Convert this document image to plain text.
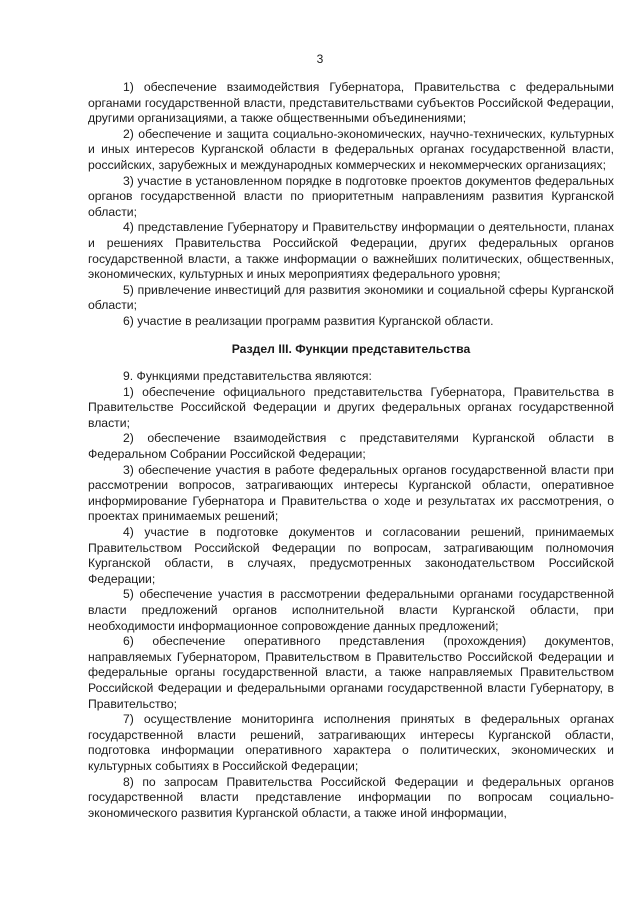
3

1) обеспечение взаимодействия Губернатора, Правительства с федеральными органами государственной власти, представительствами субъектов Российской Федерации, другими организациями, а также общественными объединениями;

2) обеспечение и защита социально-экономических, научно-технических, культурных и иных интересов Курганской области в федеральных органах государственной власти, российских, зарубежных и международных коммерческих и некоммерческих организациях;

3) участие в установленном порядке в подготовке проектов документов федеральных органов государственной власти по приоритетным направлениям развития Курганской области;

4) представление Губернатору и Правительству информации о деятельности, планах и решениях Правительства Российской Федерации, других федеральных органов государственной власти, а также информации о важнейших политических, общественных, экономических, культурных и иных мероприятиях федерального уровня;

5) привлечение инвестиций для развития экономики и социальной сферы Курганской области;

6) участие в реализации программ развития Курганской области.

Раздел III. Функции представительства

9. Функциями представительства являются:

1) обеспечение официального представительства Губернатора, Правительства в Правительстве Российской Федерации и других федеральных органах государственной власти;

2) обеспечение взаимодействия с представителями Курганской области в Федеральном Собрании Российской Федерации;

3) обеспечение участия в работе федеральных органов государственной власти при рассмотрении вопросов, затрагивающих интересы Курганской области, оперативное информирование Губернатора и Правительства о ходе и результатах их рассмотрения, о проектах принимаемых решений;

4) участие в подготовке документов и согласовании решений, принимаемых Правительством Российской Федерации по вопросам, затрагивающим полномочия Курганской области, в случаях, предусмотренных законодательством Российской Федерации;

5) обеспечение участия в рассмотрении федеральными органами государственной власти предложений органов исполнительной власти Курганской области, при необходимости информационное сопровождение данных предложений;

6) обеспечение оперативного представления (прохождения) документов, направляемых Губернатором, Правительством в Правительство Российской Федерации и федеральные органы государственной власти, а также направляемых Правительством Российской Федерации и федеральными органами государственной власти Губернатору, в Правительство;

7) осуществление мониторинга исполнения принятых в федеральных органах государственной власти решений, затрагивающих интересы Курганской области, подготовка информации оперативного характера о политических, экономических и культурных событиях в Российской Федерации;

8) по запросам Правительства Российской Федерации и федеральных органов государственной власти представление информации по вопросам социально-экономического развития Курганской области, а также иной информации,
